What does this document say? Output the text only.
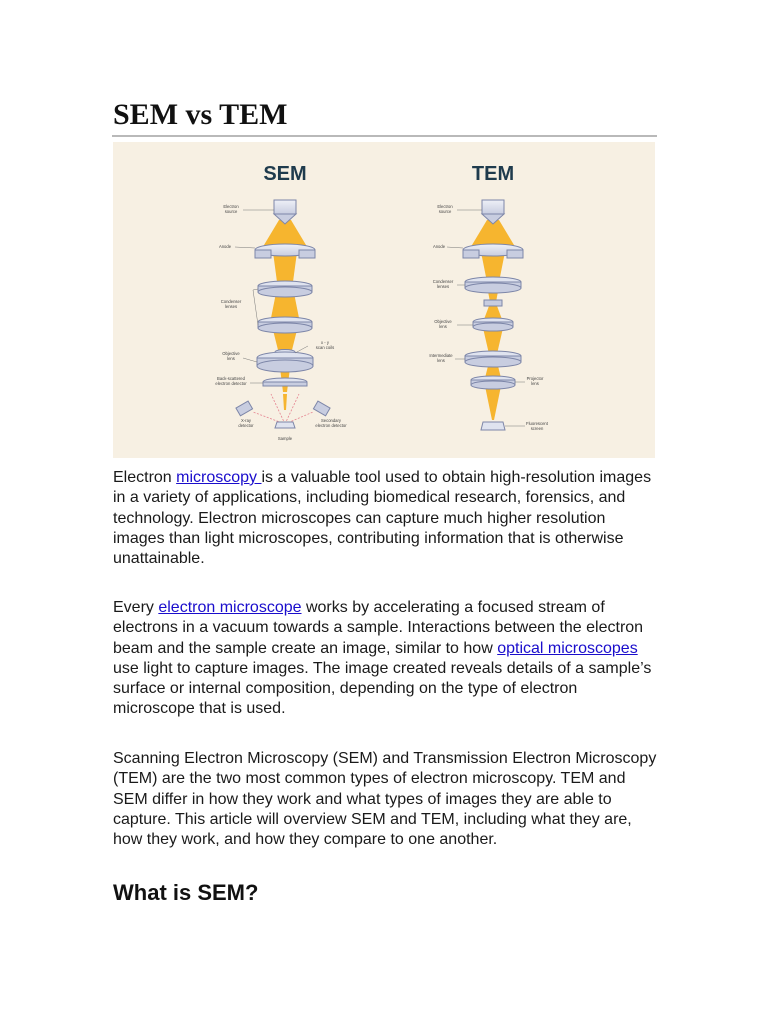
SEM vs TEM
SEM
Electron
source
Anode
Condenser
lenses
x - y
scan coils
Objective
lens
Back-scattered
electron detector
X-ray
detector
Secondary
electron detector
Sample
TEM
Electron
source
Anode
Condenser
lenses
Objective
lens
Intermediate
lens
Projector
lens
Fluorescent
screen

Electron microscopy is a valuable tool used to obtain high-resolution images in a variety of applications, including biomedical research, forensics, and technology. Electron microscopes can capture much higher resolution images than light microscopes, contributing information that is otherwise unattainable.

Every electron microscope works by accelerating a focused stream of electrons in a vacuum towards a sample. Interactions between the electron beam and the sample create an image, similar to how optical microscopes use light to capture images. The image created reveals details of a sample’s surface or internal composition, depending on the type of electron microscope that is used.

Scanning Electron Microscopy (SEM) and Transmission Electron Microscopy (TEM) are the two most common types of electron microscopy. TEM and SEM differ in how they work and what types of images they are able to capture. This article will overview SEM and TEM, including what they are, how they work, and how they compare to one another.

What is SEM?
